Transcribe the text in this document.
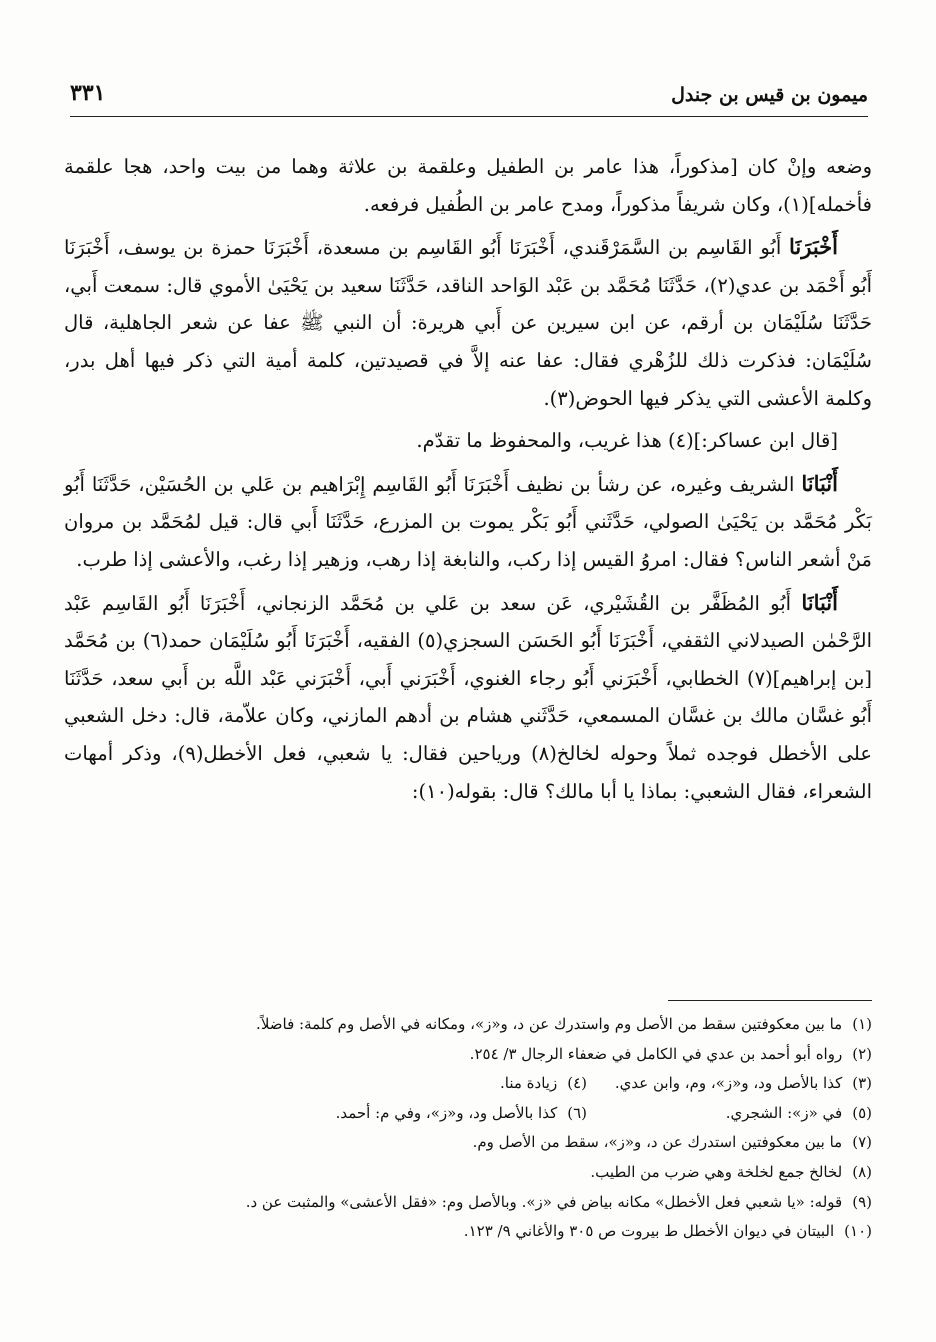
ميمون بن قيس بن جندل
٣٣١

وضعه وإنْ كان [مذكوراً، هذا عامر بن الطفيل وعلقمة بن علاثة وهما من بيت واحد، هجا علقمة فأخمله](١)، وكان شريفاً مذكوراً، ومدح عامر بن الطُفيل فرفعه.

أَخْبَرَنَا أَبُو القَاسِم بن السَّمَرْقَندي، أَخْبَرَنَا أَبُو القَاسِم بن مسعدة، أَخْبَرَنَا حمزة بن يوسف، أَخْبَرَنَا أَبُو أَحْمَد بن عدي(٢)، حَدَّثَنَا مُحَمَّد بن عَبْد الوَاحد الناقد، حَدَّثَنَا سعيد بن يَحْيَىٰ الأموي قال: سمعت أَبي، حَدَّثَنَا سُلَيْمَان بن أرقم، عن ابن سيرين عن أَبي هريرة: أن النبي ﷺ عفا عن شعر الجاهلية، قال سُلَيْمَان: فذكرت ذلك للزُهْري فقال: عفا عنه إلاَّ في قصيدتين، كلمة أمية التي ذكر فيها أهل بدر، وكلمة الأعشى التي يذكر فيها الحوض(٣).

[قال ابن عساكر:](٤) هذا غريب، والمحفوظ ما تقدّم.

أَنْبَانَا الشريف وغيره، عن رشأ بن نظيف أَخْبَرَنَا أَبُو القَاسِم إِبْرَاهيم بن عَلي بن الحُسَيْن، حَدَّثَنَا أَبُو بَكْر مُحَمَّد بن يَحْيَىٰ الصولي، حَدَّثَني أَبُو بَكْر يموت بن المزرع، حَدَّثَنَا أَبي قال: قيل لمُحَمَّد بن مروان مَنْ أشعر الناس؟ فقال: امروُ القيس إذا ركب، والنابغة إذا رهب، وزهير إذا رغب، والأعشى إذا طرب.

أَنْبَانَا أَبُو المُظَفَّر بن القُشَيْري، عَن سعد بن عَلي بن مُحَمَّد الزنجاني، أَخْبَرَنَا أَبُو القَاسِم عَبْد الرَّحْمٰن الصيدلاني الثقفي، أَخْبَرَنَا أَبُو الحَسَن السجزي(٥) الفقيه، أَخْبَرَنَا أَبُو سُلَيْمَان حمد(٦) بن مُحَمَّد [بن إبراهيم](٧) الخطابي، أَخْبَرَني أَبُو رجاء الغنوي، أَخْبَرَني أَبي، أَخْبَرَني عَبْد اللَّه بن أَبي سعد، حَدَّثَنَا أَبُو غسَّان مالك بن غسَّان المسمعي، حَدَّثَني هشام بن أدهم المازني، وكان علاّمة، قال: دخل الشعبي على الأخطل فوجده ثملاً وحوله لخالخ(٨) ورياحين فقال: يا شعبي، فعل الأخطل(٩)، وذكر أمهات الشعراء، فقال الشعبي: بماذا يا أبا مالك؟ قال: بقوله(١٠):

(١)ما بين معكوفتين سقط من الأصل وم واستدرك عن د، و«ز»، ومكانه في الأصل وم كلمة: فاضلاً.
(٢)رواه أبو أحمد بن عدي في الكامل في ضعفاء الرجال ٣/ ٢٥٤.
(٣)كذا بالأصل ود، و«ز»، وم، وابن عدي.
(٤)زيادة منا.
(٥)في «ز»: الشجري.
(٦)كذا بالأصل ود، و«ز»، وفي م: أحمد.
(٧)ما بين معكوفتين استدرك عن د، و«ز»، سقط من الأصل وم.
(٨)لخالخ جمع لخلخة وهي ضرب من الطيب.
(٩)قوله: «يا شعبي فعل الأخطل» مكانه بياض في «ز». وبالأصل وم: «فقل الأعشى» والمثبت عن د.
(١٠)البيتان في ديوان الأخطل ط بيروت ص ٣٠٥ والأغاني ٩/ ١٢٣.
